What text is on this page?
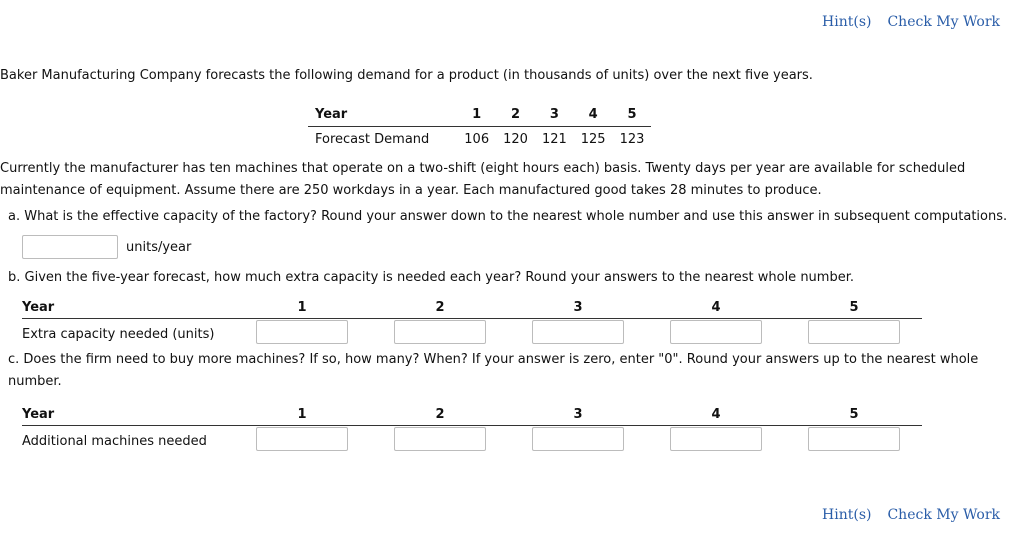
Hint(s) Check My Work
Baker Manufacturing Company forecasts the following demand for a product (in thousands of units) over the next five years.
Year	1	2	3	4	5
Forecast Demand	106	120	121	125	123
Currently the manufacturer has ten machines that operate on a two-shift (eight hours each) basis. Twenty days per year are available for scheduled maintenance of equipment. Assume there are 250 workdays in a year. Each manufactured good takes 28 minutes to produce.
a. What is the effective capacity of the factory? Round your answer down to the nearest whole number and use this answer in subsequent computations.
units/year
b. Given the five-year forecast, how much extra capacity is needed each year? Round your answers to the nearest whole number.
Year	1	2	3	4	5
Extra capacity needed (units)
c. Does the firm need to buy more machines? If so, how many? When? If your answer is zero, enter "0". Round your answers up to the nearest whole number.
Year	1	2	3	4	5
Additional machines needed
Hint(s) Check My Work
